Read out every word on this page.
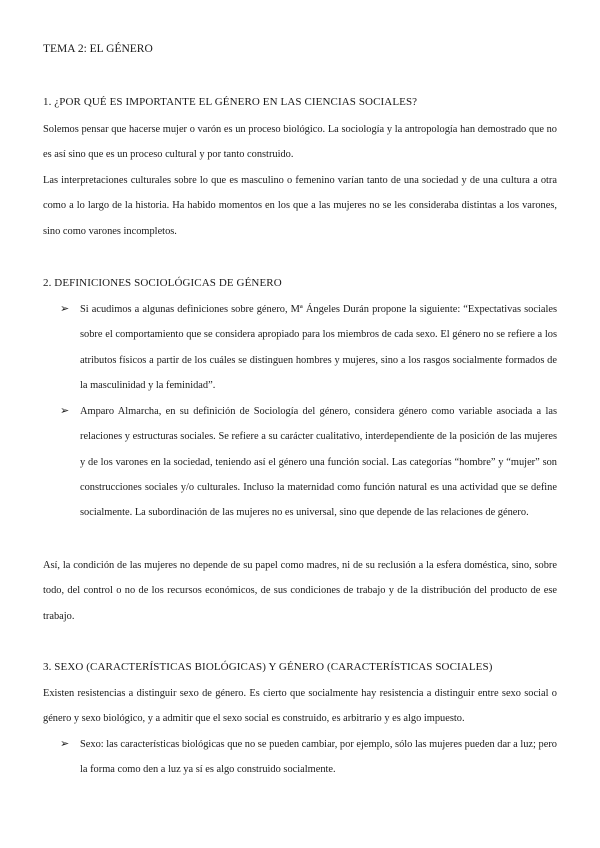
TEMA 2: EL GÉNERO
1. ¿POR QUÉ ES IMPORTANTE EL GÉNERO EN LAS CIENCIAS SOCIALES?

Solemos pensar que hacerse mujer o varón es un proceso biológico. La sociología y la antropología han demostrado que no es así sino que es un proceso cultural y por tanto construido.

Las interpretaciones culturales sobre lo que es masculino o femenino varían tanto de una sociedad y de una cultura a otra como a lo largo de la historia. Ha habido momentos en los que a las mujeres no se les consideraba distintas a los varones, sino como varones incompletos.

2. DEFINICIONES SOCIOLÓGICAS DE GÉNERO
➢ Si acudimos a algunas definiciones sobre género, Mª Ángeles Durán propone la siguiente: “Expectativas sociales sobre el comportamiento que se considera apropiado para los miembros de cada sexo. El género no se refiere a los atributos físicos a partir de los cuáles se distinguen hombres y mujeres, sino a los rasgos socialmente formados de la masculinidad y la feminidad”.
➢ Amparo Almarcha, en su definición de Sociología del género, considera género como variable asociada a las relaciones y estructuras sociales. Se refiere a su carácter cualitativo, interdependiente de la posición de las mujeres y de los varones en la sociedad, teniendo así el género una función social. Las categorías “hombre” y “mujer” son construcciones sociales y/o culturales. Incluso la maternidad como función natural es una actividad que se define socialmente. La subordinación de las mujeres no es universal, sino que depende de las relaciones de género.

Así, la condición de las mujeres no depende de su papel como madres, ni de su reclusión a la esfera doméstica, sino, sobre todo, del control o no de los recursos económicos, de sus condiciones de trabajo y de la distribución del producto de ese trabajo.

3. SEXO (CARACTERÍSTICAS BIOLÓGICAS) Y GÉNERO (CARACTERÍSTICAS SOCIALES)

Existen resistencias a distinguir sexo de género. Es cierto que socialmente hay resistencia a distinguir entre sexo social o género y sexo biológico, y a admitir que el sexo social es construido, es arbitrario y es algo impuesto.

➢ Sexo: las características biológicas que no se pueden cambiar, por ejemplo, sólo las mujeres pueden dar a luz; pero la forma como den a luz ya sí es algo construido socialmente.
